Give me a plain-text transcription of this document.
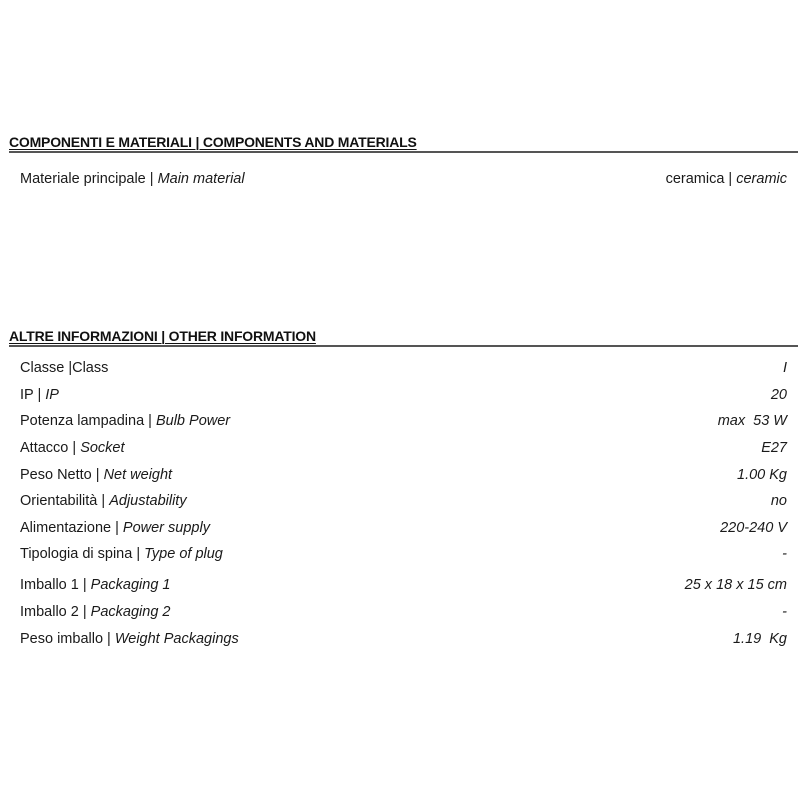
COMPONENTI E MATERIALI | COMPONENTS AND MATERIALS
Materiale principale | Main material	ceramica | ceramic
ALTRE INFORMAZIONI | OTHER INFORMATION
Classe |Class	I
IP | IP	20
Potenza lampadina | Bulb Power	max  53 W
Attacco | Socket	E27
Peso Netto | Net weight	1.00 Kg
Orientabilità | Adjustability	no
Alimentazione | Power supply	220-240 V
Tipologia di spina | Type of plug	-
Imballo 1 | Packaging 1	25 x 18 x 15 cm
Imballo 2 | Packaging 2	-
Peso imballo | Weight Packagings	1.19  Kg
